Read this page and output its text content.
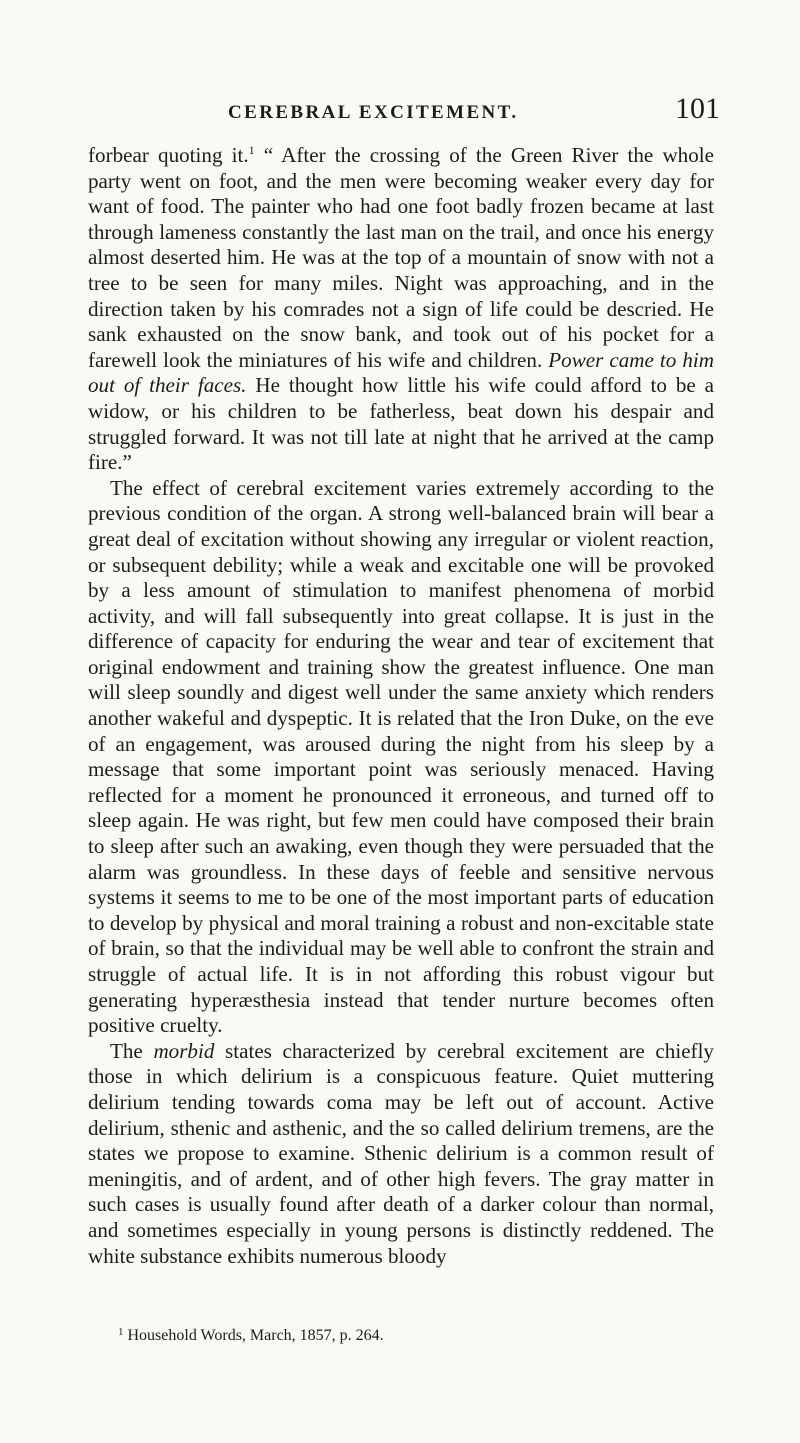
CEREBRAL EXCITEMENT.	101

forbear quoting it.$^1$ “ After the crossing of the Green River the whole party went on foot, and the men were becoming weaker every day for want of food. The painter who had one foot badly frozen became at last through lameness constantly the last man on the trail, and once his energy almost deserted him. He was at the top of a mountain of snow with not a tree to be seen for many miles. Night was approaching, and in the direction taken by his comrades not a sign of life could be descried. He sank exhausted on the snow bank, and took out of his pocket for a farewell look the miniatures of his wife and children. Power came to him out of their faces. He thought how little his wife could afford to be a widow, or his children to be fatherless, beat down his despair and struggled forward. It was not till late at night that he arrived at the camp fire.”

The effect of cerebral excitement varies extremely according to the previous condition of the organ. A strong well-balanced brain will bear a great deal of excitation without showing any irregular or violent reaction, or subsequent debility; while a weak and excitable one will be provoked by a less amount of stimulation to manifest phenomena of morbid activity, and will fall subsequently into great collapse. It is just in the difference of capacity for enduring the wear and tear of excitement that original endowment and training show the greatest influence. One man will sleep soundly and digest well under the same anxiety which renders another wakeful and dyspeptic. It is related that the Iron Duke, on the eve of an engagement, was aroused during the night from his sleep by a message that some important point was seriously menaced. Having reflected for a moment he pronounced it erroneous, and turned off to sleep again. He was right, but few men could have composed their brain to sleep after such an awaking, even though they were persuaded that the alarm was groundless. In these days of feeble and sensitive nervous systems it seems to me to be one of the most important parts of education to develop by physical and moral training a robust and non-excitable state of brain, so that the individual may be well able to confront the strain and struggle of actual life. It is in not affording this robust vigour but generating hyperæsthesia instead that tender nurture becomes often positive cruelty.

The morbid states characterized by cerebral excitement are chiefly those in which delirium is a conspicuous feature. Quiet muttering delirium tending towards coma may be left out of account. Active delirium, sthenic and asthenic, and the so called delirium tremens, are the states we propose to examine. Sthenic delirium is a common result of meningitis, and of ardent, and of other high fevers. The gray matter in such cases is usually found after death of a darker colour than normal, and sometimes especially in young persons is distinctly reddened. The white substance exhibits numerous bloody

$^1$ Household Words, March, 1857, p. 264.
